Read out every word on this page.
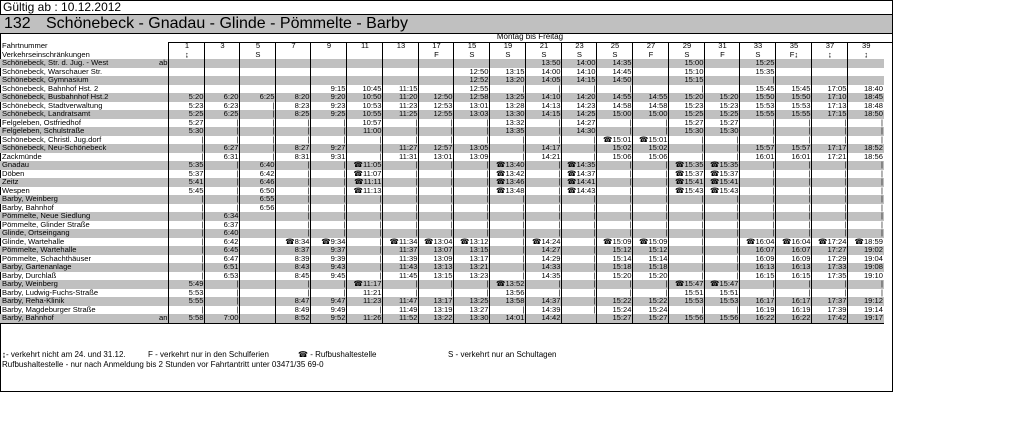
Gültig ab : 10.12.2012
132 Schönebeck - Gnadau - Glinde - Pömmelte - Barby
Montag bis Freitag
Fahrtnummer		1	3	5	7	9	11	13	17	15	19	21	23	25	27	29	31	33	35	37	39
Verkehrseinschränkungen		↨		S					F	S	S	S	S	S	F	S	F	S	F↨	↨	↨
Schönebeck, Str. d. Jug. - West	ab											13:50	14:00	14:35		15:00		15:25			
Schönebeck, Warschauer Str.										12:50	13:15	14:00	14:10	14:45		15:10		15:35			
Schönebeck, Gymnasium										12:52	13:20	14:05	14:15	14:50		15:15		|			
Schönebeck, Bahnhof Hst. 2						9:15	10:45	11:15		12:55	|	|	|	|		|		15:45	15:45	17:05	18:40
Schönebeck, Busbahnhof Hst.2		5:20	6:20	6:25	8:20	9:20	10:50	11:20	12:50	12:58	13:25	14:10	14:20	14:55	14:55	15:20	15:20	15:50	15:50	17:10	18:45
Schönebeck, Stadtverwaltung		5:23	6:23	|	8:23	9:23	10:53	11:23	12:53	13:01	13:28	14:13	14:23	14:58	14:58	15:23	15:23	15:53	15:53	17:13	18:48
Schönebeck, Landratsamt		5:25	6:25	|	8:25	9:25	10:55	11:25	12:55	13:03	13:30	14:15	14:25	15:00	15:00	15:25	15:25	15:55	15:55	17:15	18:50
Felgeleben, Ostfriedhof		5:27	|	|	|	|	10:57	|	|	|	13:32	|	14:27	|	|	15:27	15:27	|	|	|	|
Felgeleben, Schulstraße		5:30	|	|	|	|	11:00	|	|	|	13:35	|	14:30	|	|	15:30	15:30	|	|	|	|
Schönebeck, Christl. Jug.dorf		|	|	|	|	|	|	|	|	|	|	|	|	☎15:01	☎15:01	|	|	|	|	|	|
Schönebeck, Neu-Schönebeck		|	6:27	|	8:27	9:27	|	11:27	12:57	13:05	|	14:17	|	15:02	15:02	|	|	15:57	15:57	17:17	18:52
Zackmünde		|	6:31	|	8:31	9:31	|	11:31	13:01	13:09	|	14:21	|	15:06	15:06	|	|	16:01	16:01	17:21	18:56
Gnadau		5:35	|	6:40	|	|	☎11:05	|	|	|	☎13:40	|	☎14:35	|	|	☎15:35	☎15:35	|	|	|	|
Döben		5:37	|	6:42	|	|	☎11:07	|	|	|	☎13:42	|	☎14:37	|	|	☎15:37	☎15:37	|	|	|	|
Zeitz		5:41	|	6:46	|	|	☎11:11	|	|	|	☎13:46	|	☎14:41	|	|	☎15:41	☎15:41	|	|	|	|
Wespen		5:45	|	6:50	|	|	☎11:13	|	|	|	☎13:48	|	☎14:43	|	|	☎15:43	☎15:43	|	|	|	|
Barby, Weinberg		|	|	6:55	|	|	|	|	|	|	|	|	|	|	|	|	|	|	|	|	|
Barby, Bahnhof		|	|	6:56	|	|	|	|	|	|	|	|	|	|	|	|	|	|	|	|	|
Pömmelte, Neue Siedlung		|	6:34		|	|	|	|	|	|	|	|	|	|	|	|	|	|	|	|	|
Pömmelte, Glinder Straße		|	6:37		|	|	|	|	|	|	|	|	|	|	|	|	|	|	|	|	|
Glinde, Ortseingang		|	6:40		|	|	|	|	|	|	|	|	|	|	|	|	|	|	|	|	|
Glinde, Wartehalle		|	6:42		☎8:34	☎9:34	|	☎11:34	☎13:04	☎13:12	|	☎14:24	|	☎15:09	☎15:09	|	|	☎16:04	☎16:04	☎17:24	☎18:59
Pömmelte, Wartehalle		|	6:45		8:37	9:37	|	11:37	13:07	13:15	|	14:27	|	15:12	15:12	|	|	16:07	16:07	17:27	19:02
Pömmelte, Schachthäuser		|	6:47		8:39	9:39	|	11:39	13:09	13:17	|	14:29	|	15:14	15:14	|	|	16:09	16:09	17:29	19:04
Barby, Gartenanlage		|	6:51		8:43	9:43	|	11:43	13:13	13:21	|	14:33	|	15:18	15:18	|	|	16:13	16:13	17:33	19:08
Barby, Durchlaß		|	6:53		8:45	9:45	|	11:45	13:15	13:23	|	14:35	|	15:20	15:20	|	|	16:15	16:15	17:35	19:10
Barby, Weinberg		5:49	|		|	|	☎11:17	|	|	|	☎13:52	|	|	|	|	☎15:47	☎15:47	|	|	|	|
Barby, Ludwig-Fuchs-Straße		5:53	|		|	|	11:21	|	|	|	13:56	|	|	|	|	15:51	15:51	|	|	|	|
Barby, Reha-Klinik		5:55	|		8:47	9:47	11:23	11:47	13:17	13:25	13:58	14:37	|	15:22	15:22	15:53	15:53	16:17	16:17	17:37	19:12
Barby, Magdeburger Straße		|	|		8:49	9:49	|	11:49	13:19	13:27	|	14:39	|	15:24	15:24	|	|	16:19	16:19	17:39	19:14
Barby, Bahnhof	an	5:58	7:00		8:52	9:52	11:26	11:52	13:22	13:30	14:01	14:42		15:27	15:27	15:56	15:56	16:22	16:22	17:42	19:17
↨- verkehrt nicht am 24. und 31.12.	F - verkehrt nur in den Schulferien	☎ - Rufbushaltestelle	S - verkehrt nur an Schultagen
Rufbushaltestelle - nur nach Anmeldung bis 2 Stunden vor Fahrtantritt unter 03471/35 69-0
